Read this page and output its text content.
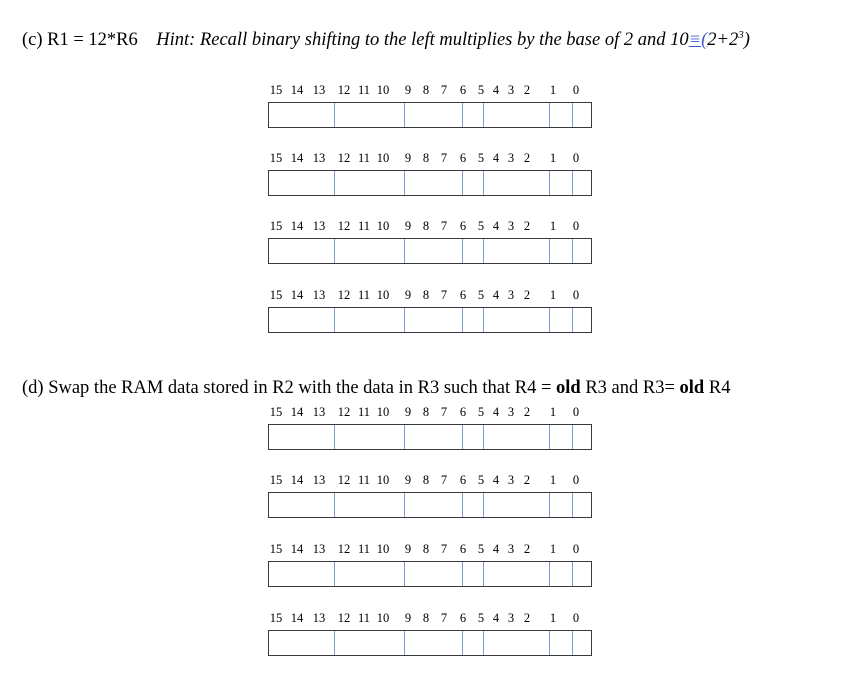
(c) R1 = 12*R6 Hint: Recall binary shifting to the left multiplies by the base of 2 and $10\equiv(2+2^3)$
(d) Swap the RAM data stored in R2 with the data in R3 such that R4 = old R3 and R3= old R4
15 14 13 12 11 10 9 8 7 6 5 4 3 2 1 0
15 14 13 12 11 10 9 8 7 6 5 4 3 2 1 0
15 14 13 12 11 10 9 8 7 6 5 4 3 2 1 0
15 14 13 12 11 10 9 8 7 6 5 4 3 2 1 0
15 14 13 12 11 10 9 8 7 6 5 4 3 2 1 0
15 14 13 12 11 10 9 8 7 6 5 4 3 2 1 0
15 14 13 12 11 10 9 8 7 6 5 4 3 2 1 0
15 14 13 12 11 10 9 8 7 6 5 4 3 2 1 0
